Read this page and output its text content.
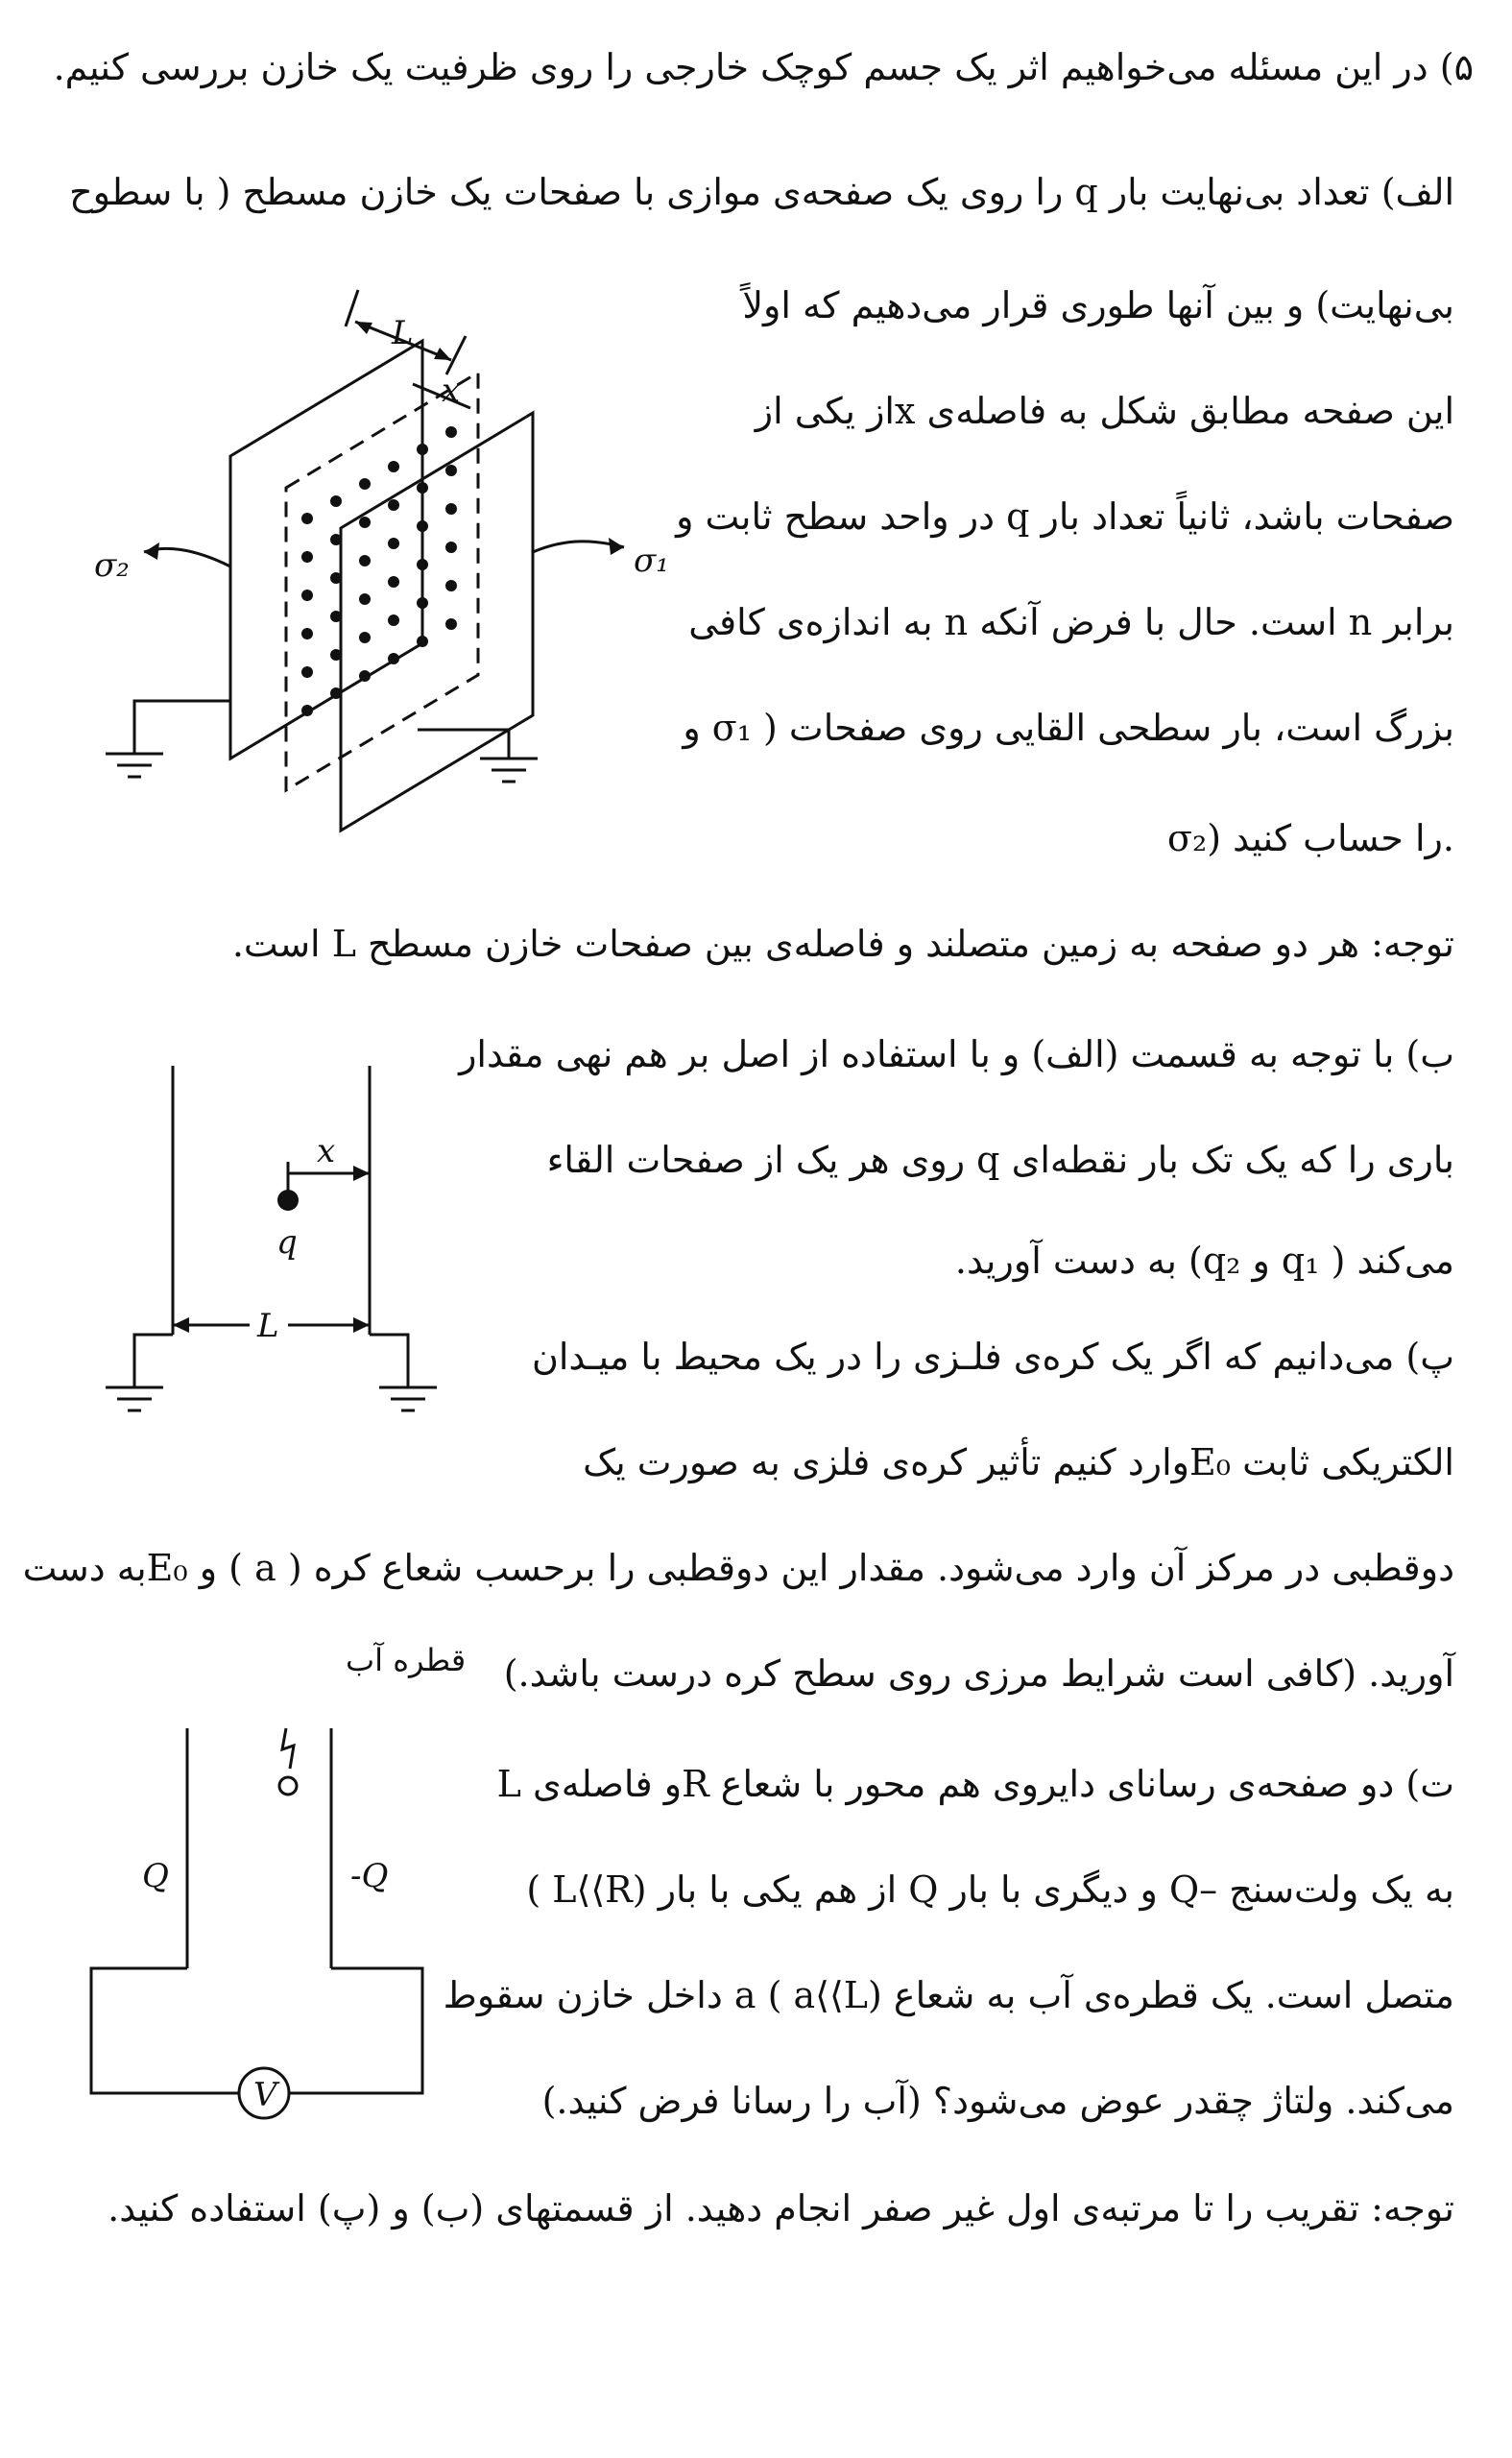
۵) در این مسئله می‌خواهیم اثر یک جسم کوچک خارجی را روی ظرفیت یک خازن بررسی کنیم.
الف) تعداد بی‌نهایت بار q را روی یک صفحه‌ی موازی با صفحات یک خازن مسطح ( با سطوح
بی‌نهایت) و بین آنها طوری قرار می‌دهیم که اولاً
این صفحه مطابق شکل به فاصله‌ی xاز یکی از
صفحات باشد، ثانیاً تعداد بار q در واحد سطح ثابت و
برابر n است. حال با فرض آنکه n به اندازه‌ی کافی
بزرگ است، بار سطحی القایی روی صفحات ( σ₁ و
σ₂) را حساب کنید.
توجه: هر دو صفحه به زمین متصلند و فاصله‌ی بین صفحات خازن مسطح L است.
L
x
σ₁
σ₂
ب) با توجه به قسمت (الف) و با استفاده از اصل بر هم نهی مقدار
باری را که یک تک بار نقطه‌ای q روی هر یک از صفحات القاء
می‌کند ( q₁ و q₂) به دست آورید.
x
q
L
پ) می‌دانیم که اگر یک کره‌ی فلـزی را در یک محیط با میـدان
الکتریکی ثابت E₀وارد کنیم تأثیر کره‌ی فلزی به صورت یک
دوقطبی در مرکز آن وارد می‌شود. مقدار این دوقطبی را برحسب شعاع کره ( a ) و E₀به دست
آورید. (کافی است شرایط مرزی روی سطح کره درست باشد.)
ت) دو صفحه‌ی رسانای دایروی هم محور با شعاع Rو فاصله‌ی L
( L⟨⟨R) از هم یکی با بار Q و دیگری با بار Q– به یک ولت‌سنج
متصل است. یک قطره‌ی آب به شعاع a ( a⟨⟨L) داخل خازن سقوط
می‌کند. ولتاژ چقدر عوض می‌شود؟ (آب را رسانا فرض کنید.)
قطره آب
Q	-Q
V
توجه: تقریب را تا مرتبه‌ی اول غیر صفر انجام دهید. از قسمتهای (ب) و (پ) استفاده کنید.
